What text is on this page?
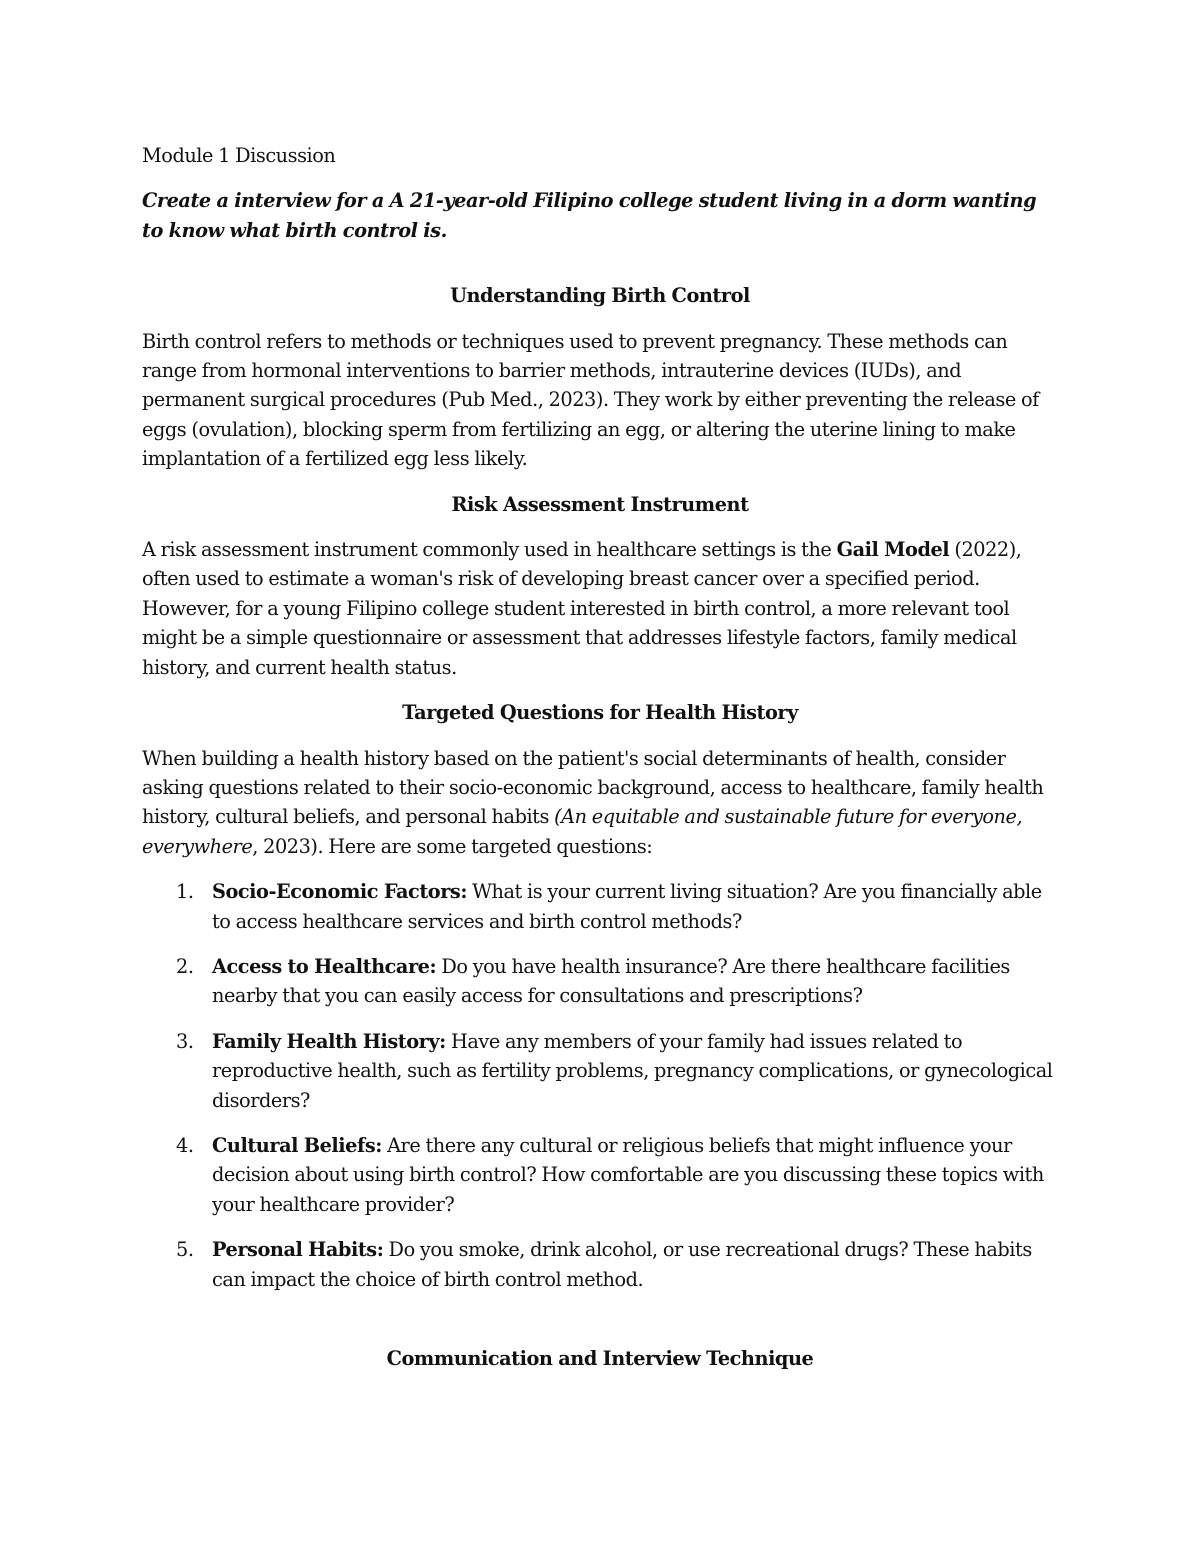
Module 1 Discussion

Create a interview for a A 21-year-old Filipino college student living in a dorm wanting to know what birth control is.

Understanding Birth Control

Birth control refers to methods or techniques used to prevent pregnancy. These methods can range from hormonal interventions to barrier methods, intrauterine devices (IUDs), and permanent surgical procedures (Pub Med., 2023). They work by either preventing the release of eggs (ovulation), blocking sperm from fertilizing an egg, or altering the uterine lining to make implantation of a fertilized egg less likely.

Risk Assessment Instrument

A risk assessment instrument commonly used in healthcare settings is the Gail Model (2022), often used to estimate a woman's risk of developing breast cancer over a specified period. However, for a young Filipino college student interested in birth control, a more relevant tool might be a simple questionnaire or assessment that addresses lifestyle factors, family medical history, and current health status.

Targeted Questions for Health History

When building a health history based on the patient's social determinants of health, consider asking questions related to their socio-economic background, access to healthcare, family health history, cultural beliefs, and personal habits (An equitable and sustainable future for everyone, everywhere, 2023). Here are some targeted questions:

1. Socio-Economic Factors: What is your current living situation? Are you financially able to access healthcare services and birth control methods?
2. Access to Healthcare: Do you have health insurance? Are there healthcare facilities nearby that you can easily access for consultations and prescriptions?
3. Family Health History: Have any members of your family had issues related to reproductive health, such as fertility problems, pregnancy complications, or gynecological disorders?
4. Cultural Beliefs: Are there any cultural or religious beliefs that might influence your decision about using birth control? How comfortable are you discussing these topics with your healthcare provider?
5. Personal Habits: Do you smoke, drink alcohol, or use recreational drugs? These habits can impact the choice of birth control method.
Communication and Interview Technique
